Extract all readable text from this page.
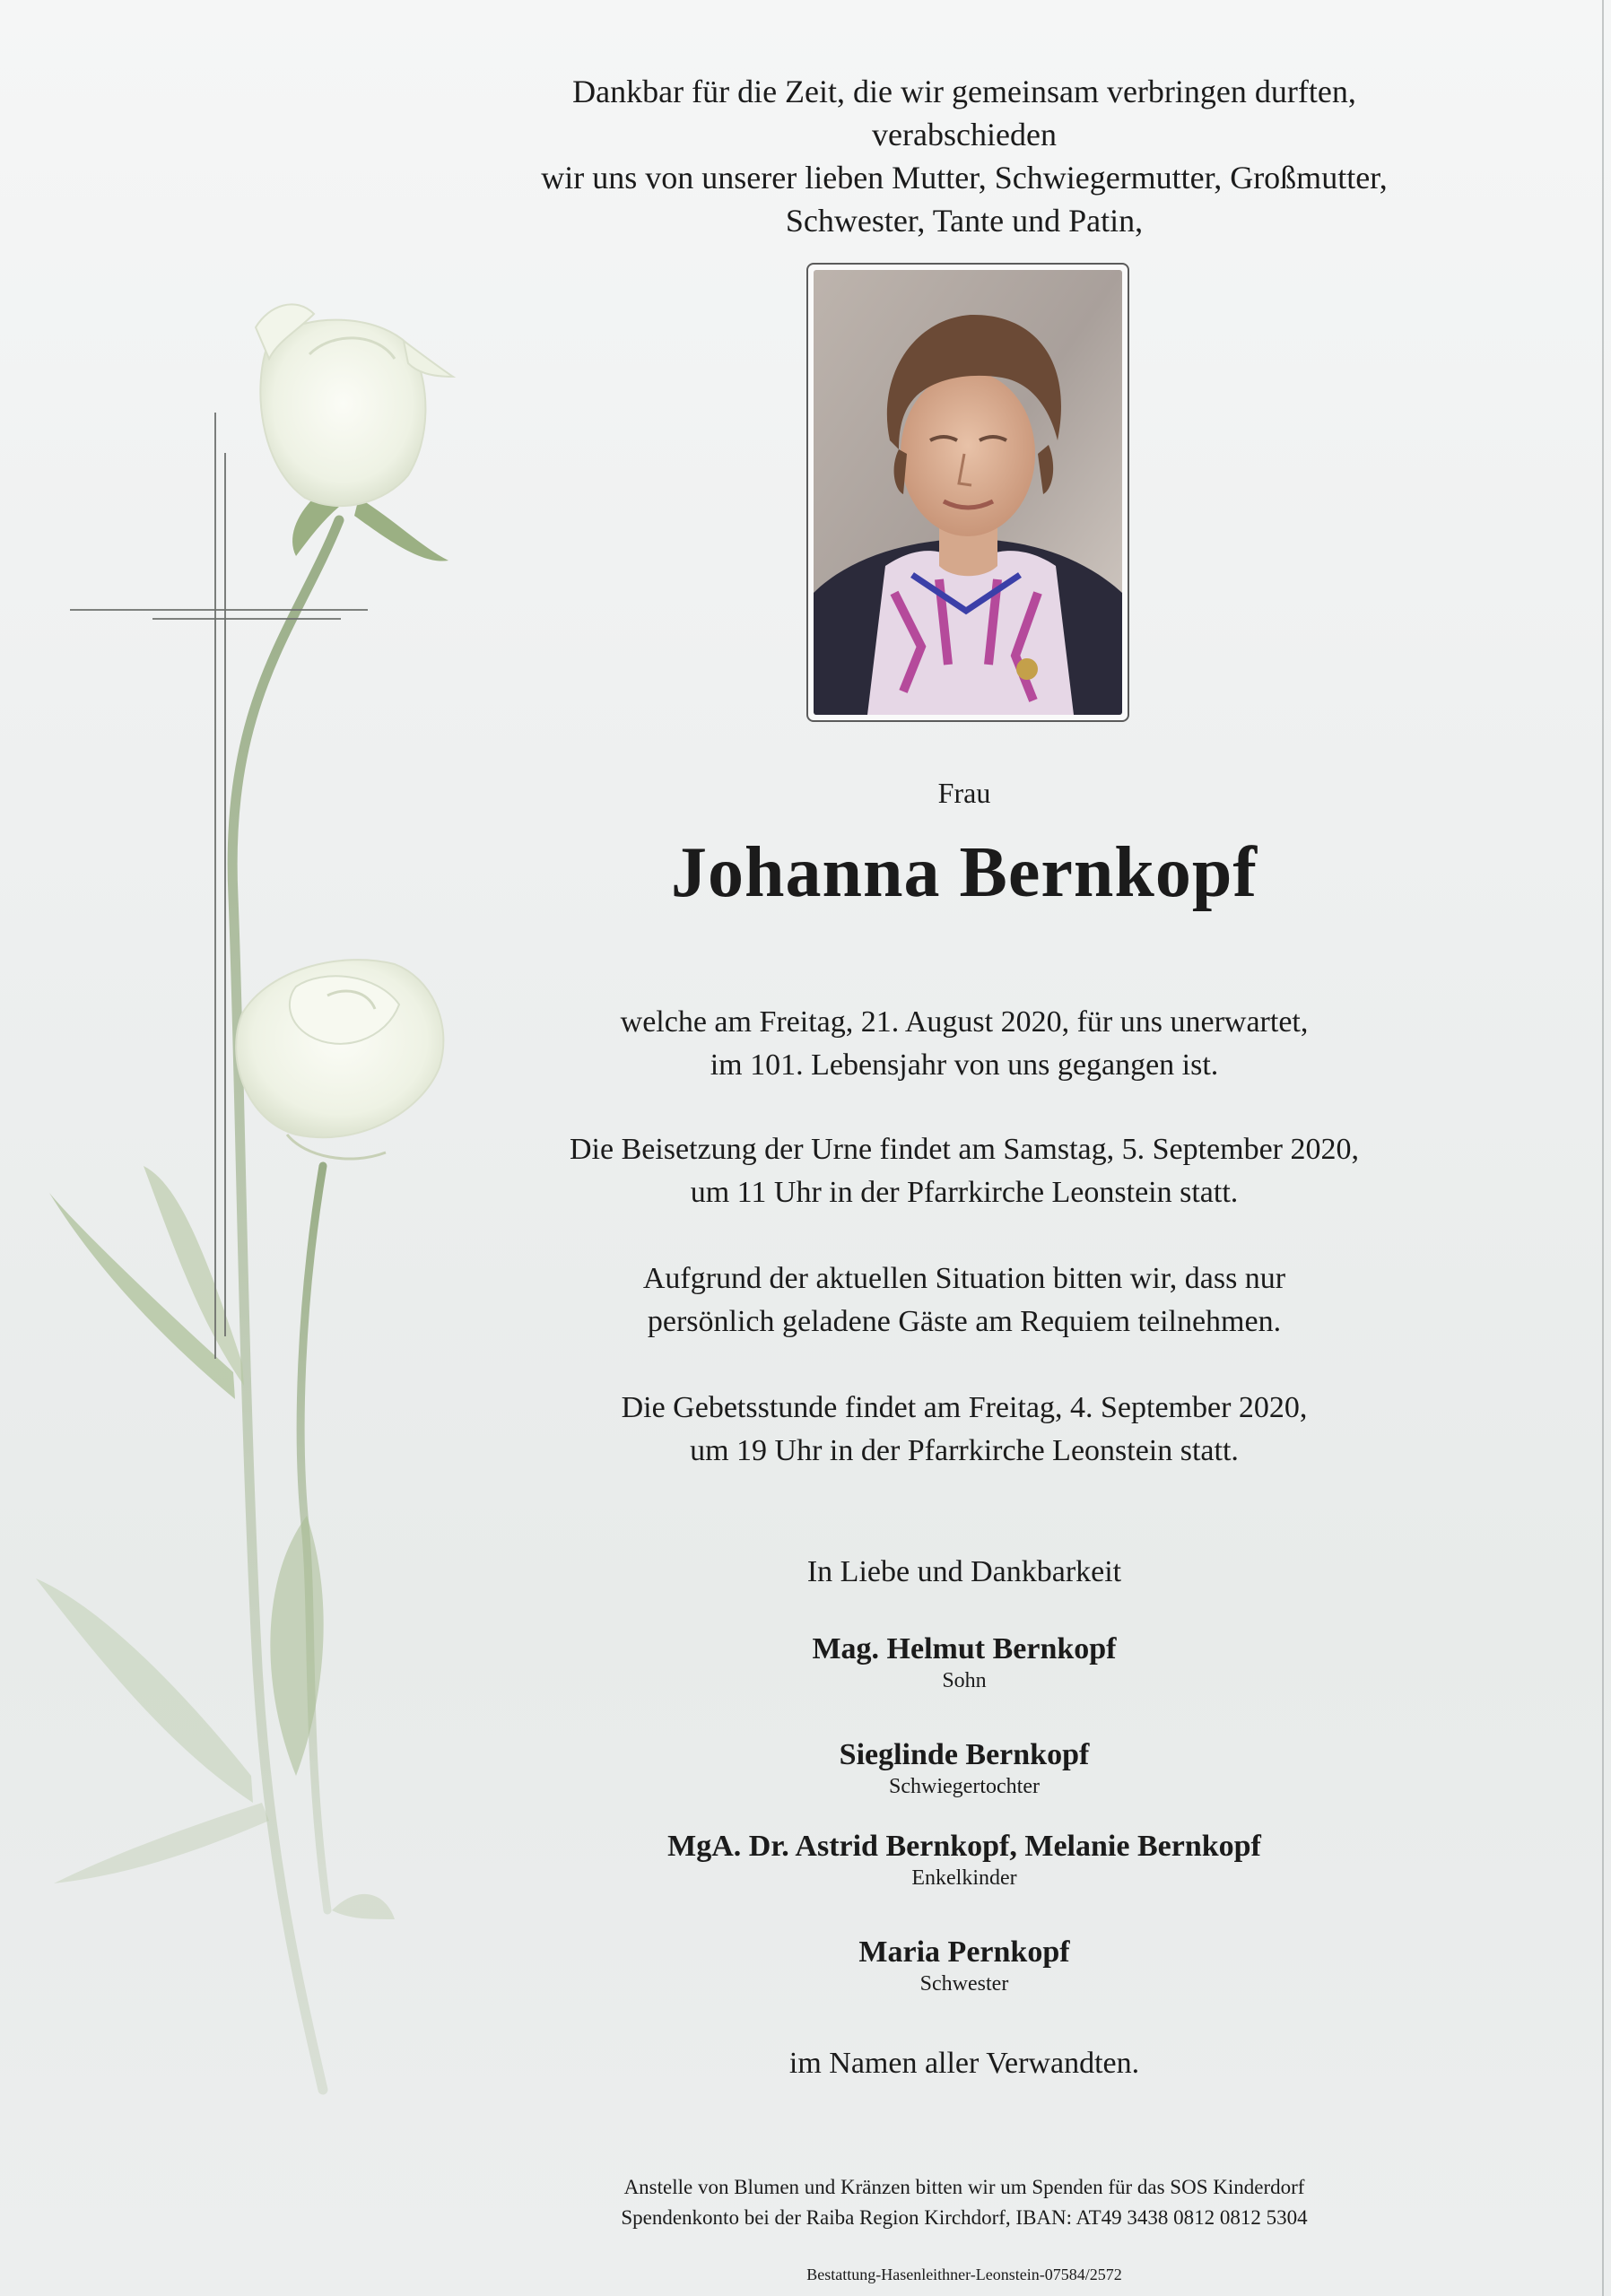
Dankbar für die Zeit, die wir gemeinsam verbringen durften, verabschieden
wir uns von unserer lieben Mutter, Schwiegermutter, Großmutter,
Schwester, Tante und Patin,
Frau
Johanna Bernkopf
welche am Freitag, 21. August 2020, für uns unerwartet,
im 101. Lebensjahr von uns gegangen ist.
Die Beisetzung der Urne findet am Samstag, 5. September 2020,
um 11 Uhr in der Pfarrkirche Leonstein statt.
Aufgrund der aktuellen Situation bitten wir, dass nur
persönlich geladene Gäste am Requiem teilnehmen.
Die Gebetsstunde findet am Freitag, 4. September 2020,
um 19 Uhr in der Pfarrkirche Leonstein statt.
In Liebe und Dankbarkeit
Mag. Helmut Bernkopf
Sohn
Sieglinde Bernkopf
Schwiegertochter
MgA. Dr. Astrid Bernkopf, Melanie Bernkopf
Enkelkinder
Maria Pernkopf
Schwester
im Namen aller Verwandten.
Anstelle von Blumen und Kränzen bitten wir um Spenden für das SOS Kinderdorf
Spendenkonto bei der Raiba Region Kirchdorf, IBAN: AT49 3438 0812 0812 5304
Bestattung-Hasenleithner-Leonstein-07584/2572
